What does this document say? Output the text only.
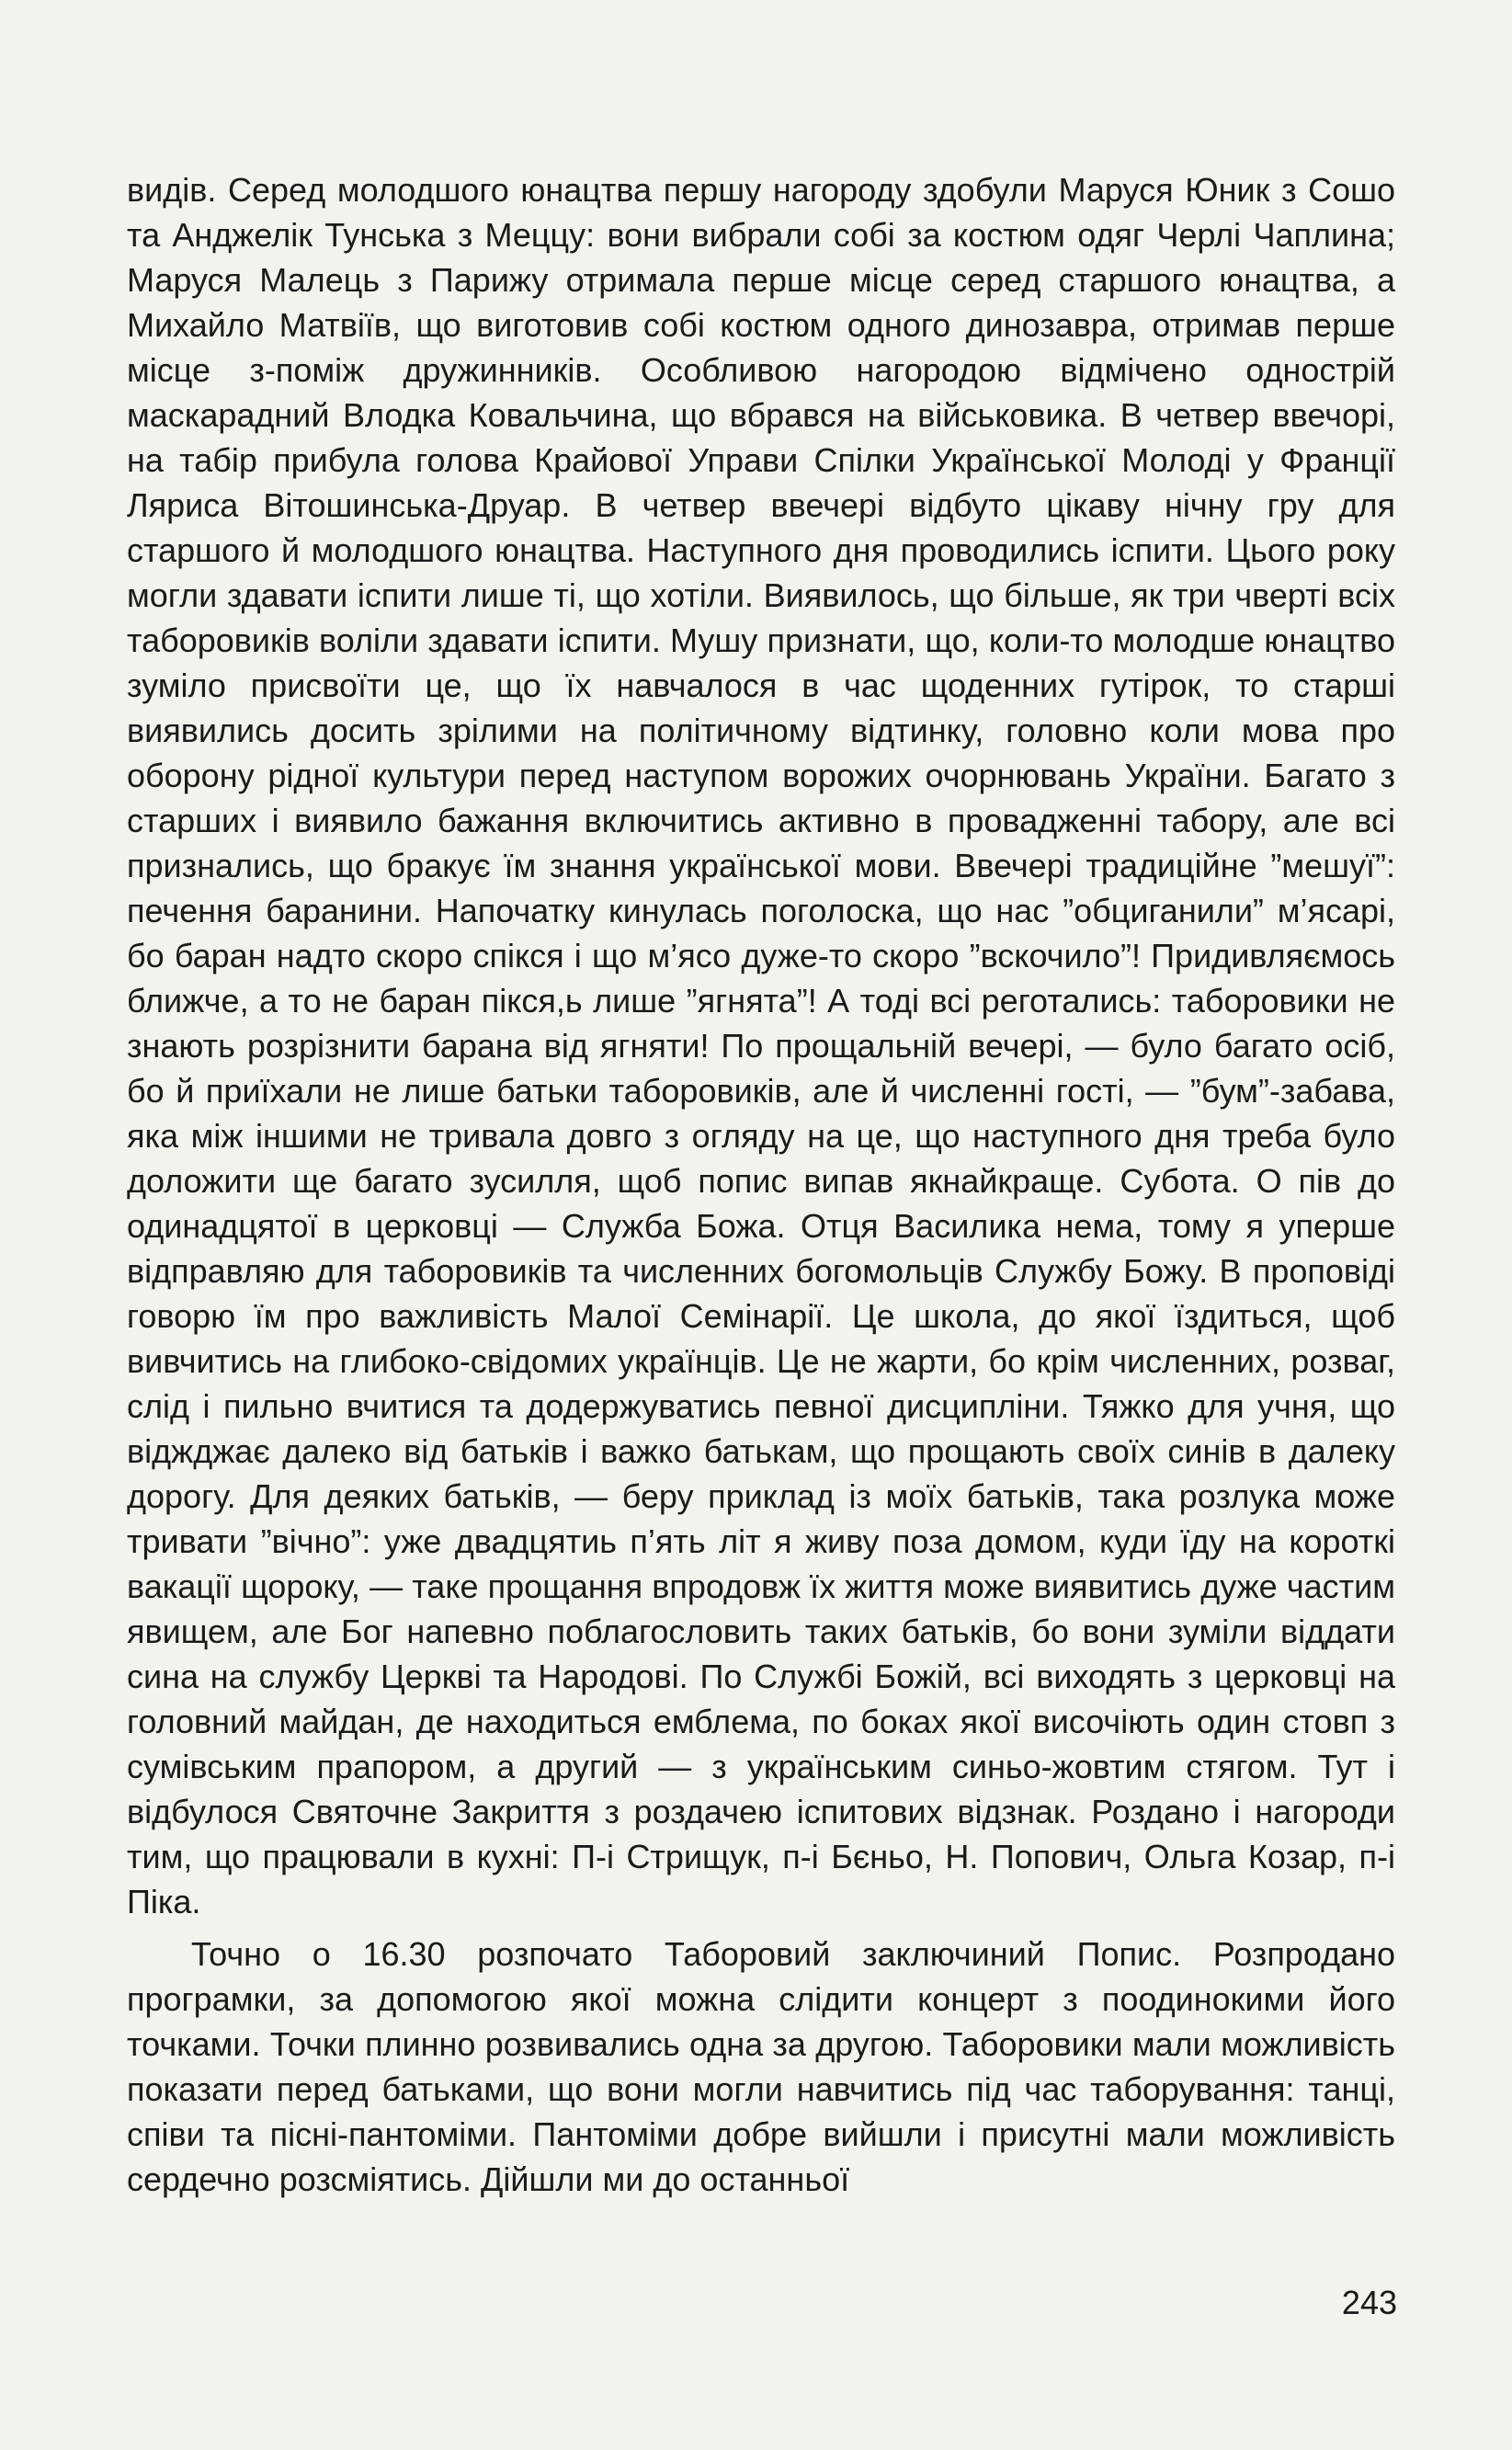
видів. Серед молодшого юнацтва першу нагороду здобули Маруся Юник з Сошо та Анджелік Тунська з Меццу: вони вибрали собі за костюм одяг Черлі Чаплина; Маруся Малець з Парижу отримала перше місце серед старшого юнацтва, а Михайло Матвіїв, що виготовив собі костюм одного динозавра, отримав перше місце з-поміж дружинників. Особливою нагородою відмічено однострій маскарадний Влодка Ковальчина, що вбрався на військовика. В четвер ввечорі, на табір прибула голова Крайової Управи Спілки Української Молоді у Франції Ляриса Вітошинська-Друар. В четвер ввечері відбуто цікаву нічну гру для старшого й молодшого юнацтва. Наступного дня проводились іспити. Цього року могли здавати іспити лише ті, що хотіли. Виявилось, що більше, як три чверті всіх таборовиків воліли здавати іспити. Мушу признати, що, коли-то молодше юнацтво зуміло присвоїти це, що їх навчалося в час щоденних гутірок, то старші виявились досить зрілими на політичному відтинку, головно коли мова про оборону рідної культури перед наступом ворожих очорнювань України. Багато з старших і виявило бажання включитись активно в провадженні табору, але всі признались, що бракує їм знання української мови. Ввечері традиційне ”мешуї”: печення баранини. Напочатку кинулась поголоска, що нас ”обциганили” м’ясарі, бо баран надто скоро спікся і що м’ясо дуже-то скоро ”вскочило”! Придивляємось ближче, а то не баран пікся,ь лише ”ягнята”! А тоді всі реготались: таборовики не знають розрізнити барана від ягняти! По прощальній вечері, — було багато осіб, бо й приїхали не лише батьки таборовиків, але й численні гості, — ”бум”-забава, яка між іншими не тривала довго з огляду на це, що наступного дня треба було доложити ще багато зусилля, щоб попис випав якнайкраще. Субота. О пів до одинадцятої в церковці — Служба Божа. Отця Василика нема, тому я уперше відправляю для таборовиків та численних богомольців Службу Божу. В проповіді говорю їм про важливість Малої Семінарії. Це школа, до якої їздиться, щоб вивчитись на глибоко-свідомих українців. Це не жарти, бо крім численних, розваг, слід і пильно вчитися та додержуватись певної дисципліни. Тяжко для учня, що віджджає далеко від батьків і важко батькам, що прощають своїх синів в далеку дорогу. Для деяких батьків, — беру приклад із моїх батьків, така розлука може тривати ”вічно”: уже двадцятиь п’ять літ я живу поза домом, куди їду на короткі вакації щороку, — таке прощання впродовж їх життя може виявитись дуже частим явищем, але Бог напевно поблагословить таких батьків, бо вони зуміли віддати сина на службу Церкві та Народові. По Службі Божій, всі виходять з церковці на головний майдан, де находиться емблема, по боках якої височіють один стовп з сумівським прапором, а другий — з українським синьо-жовтим стягом. Тут і відбулося Святочне Закриття з роздачею іспитових відзнак. Роздано і нагороди тим, що працювали в кухні: П-і Стрищук, п-і Бєньо, Н. Попович, Ольга Козар, п-і Піка.

Точно о 16.30 розпочато Таборовий заключиний Попис. Розпродано програмки, за допомогою якої можна слідити концерт з поодинокими його точками. Точки плинно розвивались одна за другою. Таборовики мали можливість показати перед батьками, що вони могли навчитись під час таборування: танці, співи та пісні-пантоміми. Пантоміми добре вийшли і присутні мали можливість сердечно розсміятись. Дійшли ми до останньої

243
